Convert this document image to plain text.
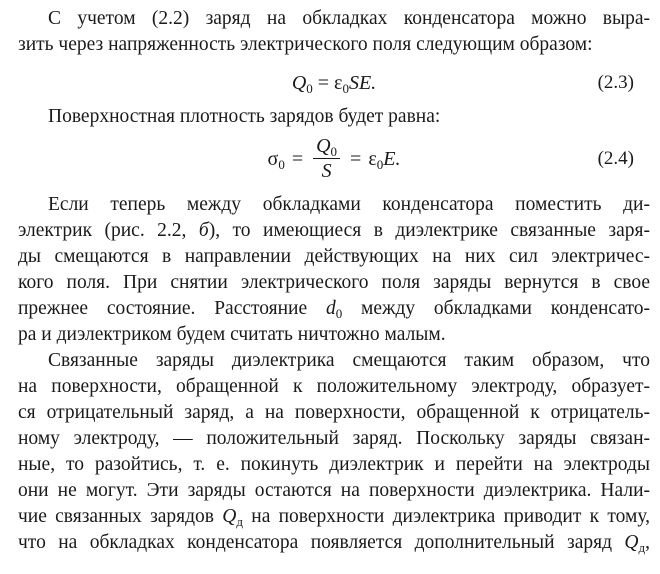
С учетом (2.2) заряд на обкладках конденсатора можно выра-
зить через напряженность электрического поля следующим образом:
$Q_0 = \varepsilon_0SE$.	(2.3)
Поверхностная плотность зарядов будет равна:
$\sigma_0 = \frac{Q_0}{S} = \varepsilon_0E$.	(2.4)
Если теперь между обкладками конденсатора поместить ди-
электрик (рис. 2.2, б), то имеющиеся в диэлектрике связанные заря-
ды смещаются в направлении действующих на них сил электричес-
кого поля. При снятии электрического поля заряды вернутся в свое
прежнее состояние. Расстояние $d_0$ между обкладками конденсато-
ра и диэлектриком будем считать ничтожно малым.
Связанные заряды диэлектрика смещаются таким образом, что
на поверхности, обращенной к положительному электроду, образует-
ся отрицательный заряд, а на поверхности, обращенной к отрицатель-
ному электроду, — положительный заряд. Поскольку заряды связан-
ные, то разойтись, т. е. покинуть диэлектрик и перейти на электроды
они не могут. Эти заряды остаются на поверхности диэлектрика. Нали-
чие связанных зарядов $Q_д$ на поверхности диэлектрика приводит к тому,
что на обкладках конденсатора появляется дополнительный заряд $Q_д$,
